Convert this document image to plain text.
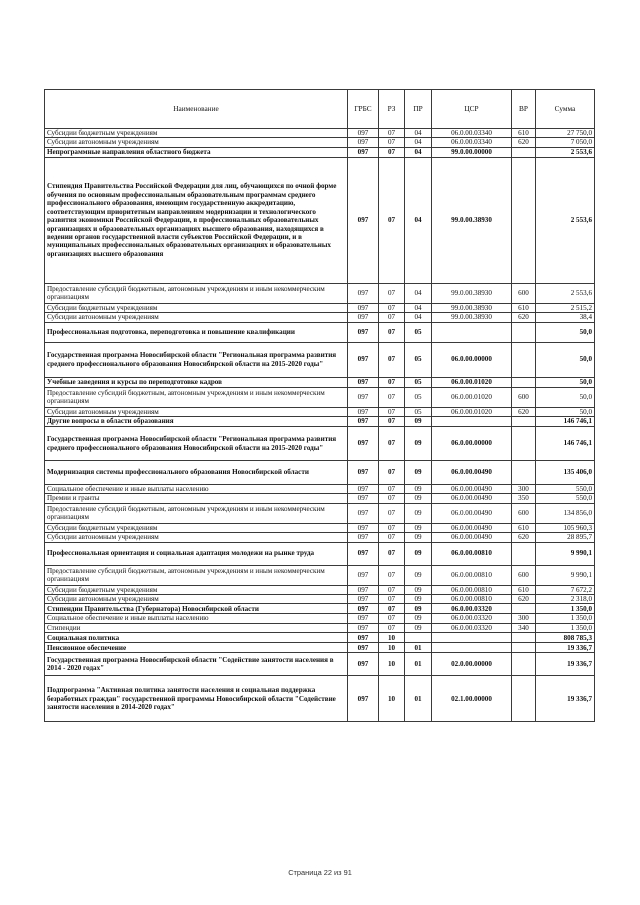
Наименование	ГРБС	РЗ	ПР	ЦСР	ВР	Сумма
Субсидии бюджетным учреждениям	097	07	04	06.0.00.03340	610	27 750,0
Субсидии автономным учреждениям	097	07	04	06.0.00.03340	620	7 050,0
Непрограммные направления областного бюджета	097	07	04	99.0.00.00000		2 553,6
Стипендия Правительства Российской Федерации для лиц, обучающихся по очной форме обучения по основным профессиональным образовательным программам среднего профессионального образования, имеющим государственную аккредитацию, соответствующим приоритетным направлениям модернизации и технологического развития экономики Российской Федерации, в профессиональных образовательных организациях и образовательных организациях высшего образования, находящихся в ведении органов государственной власти субъектов Российской Федерации, и в муниципальных профессиональных образовательных организациях и образовательных организациях высшего образования	097	07	04	99.0.00.38930		2 553,6
Предоставление субсидий бюджетным, автономным учреждениям и иным некоммерческим организациям	097	07	04	99.0.00.38930	600	2 553,6
Субсидии бюджетным учреждениям	097	07	04	99.0.00.38930	610	2 515,2
Субсидии автономным учреждениям	097	07	04	99.0.00.38930	620	38,4
Профессиональная подготовка, переподготовка и повышение квалификации	097	07	05			50,0
Государственная программа Новосибирской области "Региональная программа развития среднего профессионального образования Новосибирской области на 2015-2020 годы"	097	07	05	06.0.00.00000		50,0
Учебные заведения и курсы по переподготовке кадров	097	07	05	06.0.00.01020		50,0
Предоставление субсидий бюджетным, автономным учреждениям и иным некоммерческим организациям	097	07	05	06.0.00.01020	600	50,0
Субсидии автономным учреждениям	097	07	05	06.0.00.01020	620	50,0
Другие вопросы в области образования	097	07	09			146 746,1
Государственная программа Новосибирской области "Региональная программа развития среднего профессионального образования Новосибирской области на 2015-2020 годы"	097	07	09	06.0.00.00000		146 746,1
Модернизация системы профессионального образования Новосибирской области	097	07	09	06.0.00.00490		135 406,0
Социальное обеспечение и иные выплаты населению	097	07	09	06.0.00.00490	300	550,0
Премии и гранты	097	07	09	06.0.00.00490	350	550,0
Предоставление субсидий бюджетным, автономным учреждениям и иным некоммерческим организациям	097	07	09	06.0.00.00490	600	134 856,0
Субсидии бюджетным учреждениям	097	07	09	06.0.00.00490	610	105 960,3
Субсидии автономным учреждениям	097	07	09	06.0.00.00490	620	28 895,7
Профессиональная ориентация и социальная адаптация молодежи на рынке труда	097	07	09	06.0.00.00810		9 990,1
Предоставление субсидий бюджетным, автономным учреждениям и иным некоммерческим организациям	097	07	09	06.0.00.00810	600	9 990,1
Субсидии бюджетным учреждениям	097	07	09	06.0.00.00810	610	7 672,2
Субсидии автономным учреждениям	097	07	09	06.0.00.00810	620	2 318,0
Стипендии Правительства (Губернатора) Новосибирской области	097	07	09	06.0.00.03320		1 350,0
Социальное обеспечение и иные выплаты населению	097	07	09	06.0.00.03320	300	1 350,0
Стипендии	097	07	09	06.0.00.03320	340	1 350,0
Социальная политика	097	10				808 785,3
Пенсионное обеспечение	097	10	01			19 336,7
Государственная программа Новосибирской области "Содействие занятости населения в 2014 - 2020 годах"	097	10	01	02.0.00.00000		19 336,7
Подпрограмма "Активная политика занятости населения и социальная поддержка безработных граждан" государственной программы Новосибирской области "Содействие занятости населения в 2014-2020 годах"	097	10	01	02.1.00.00000		19 336,7
Страница 22 из 91
